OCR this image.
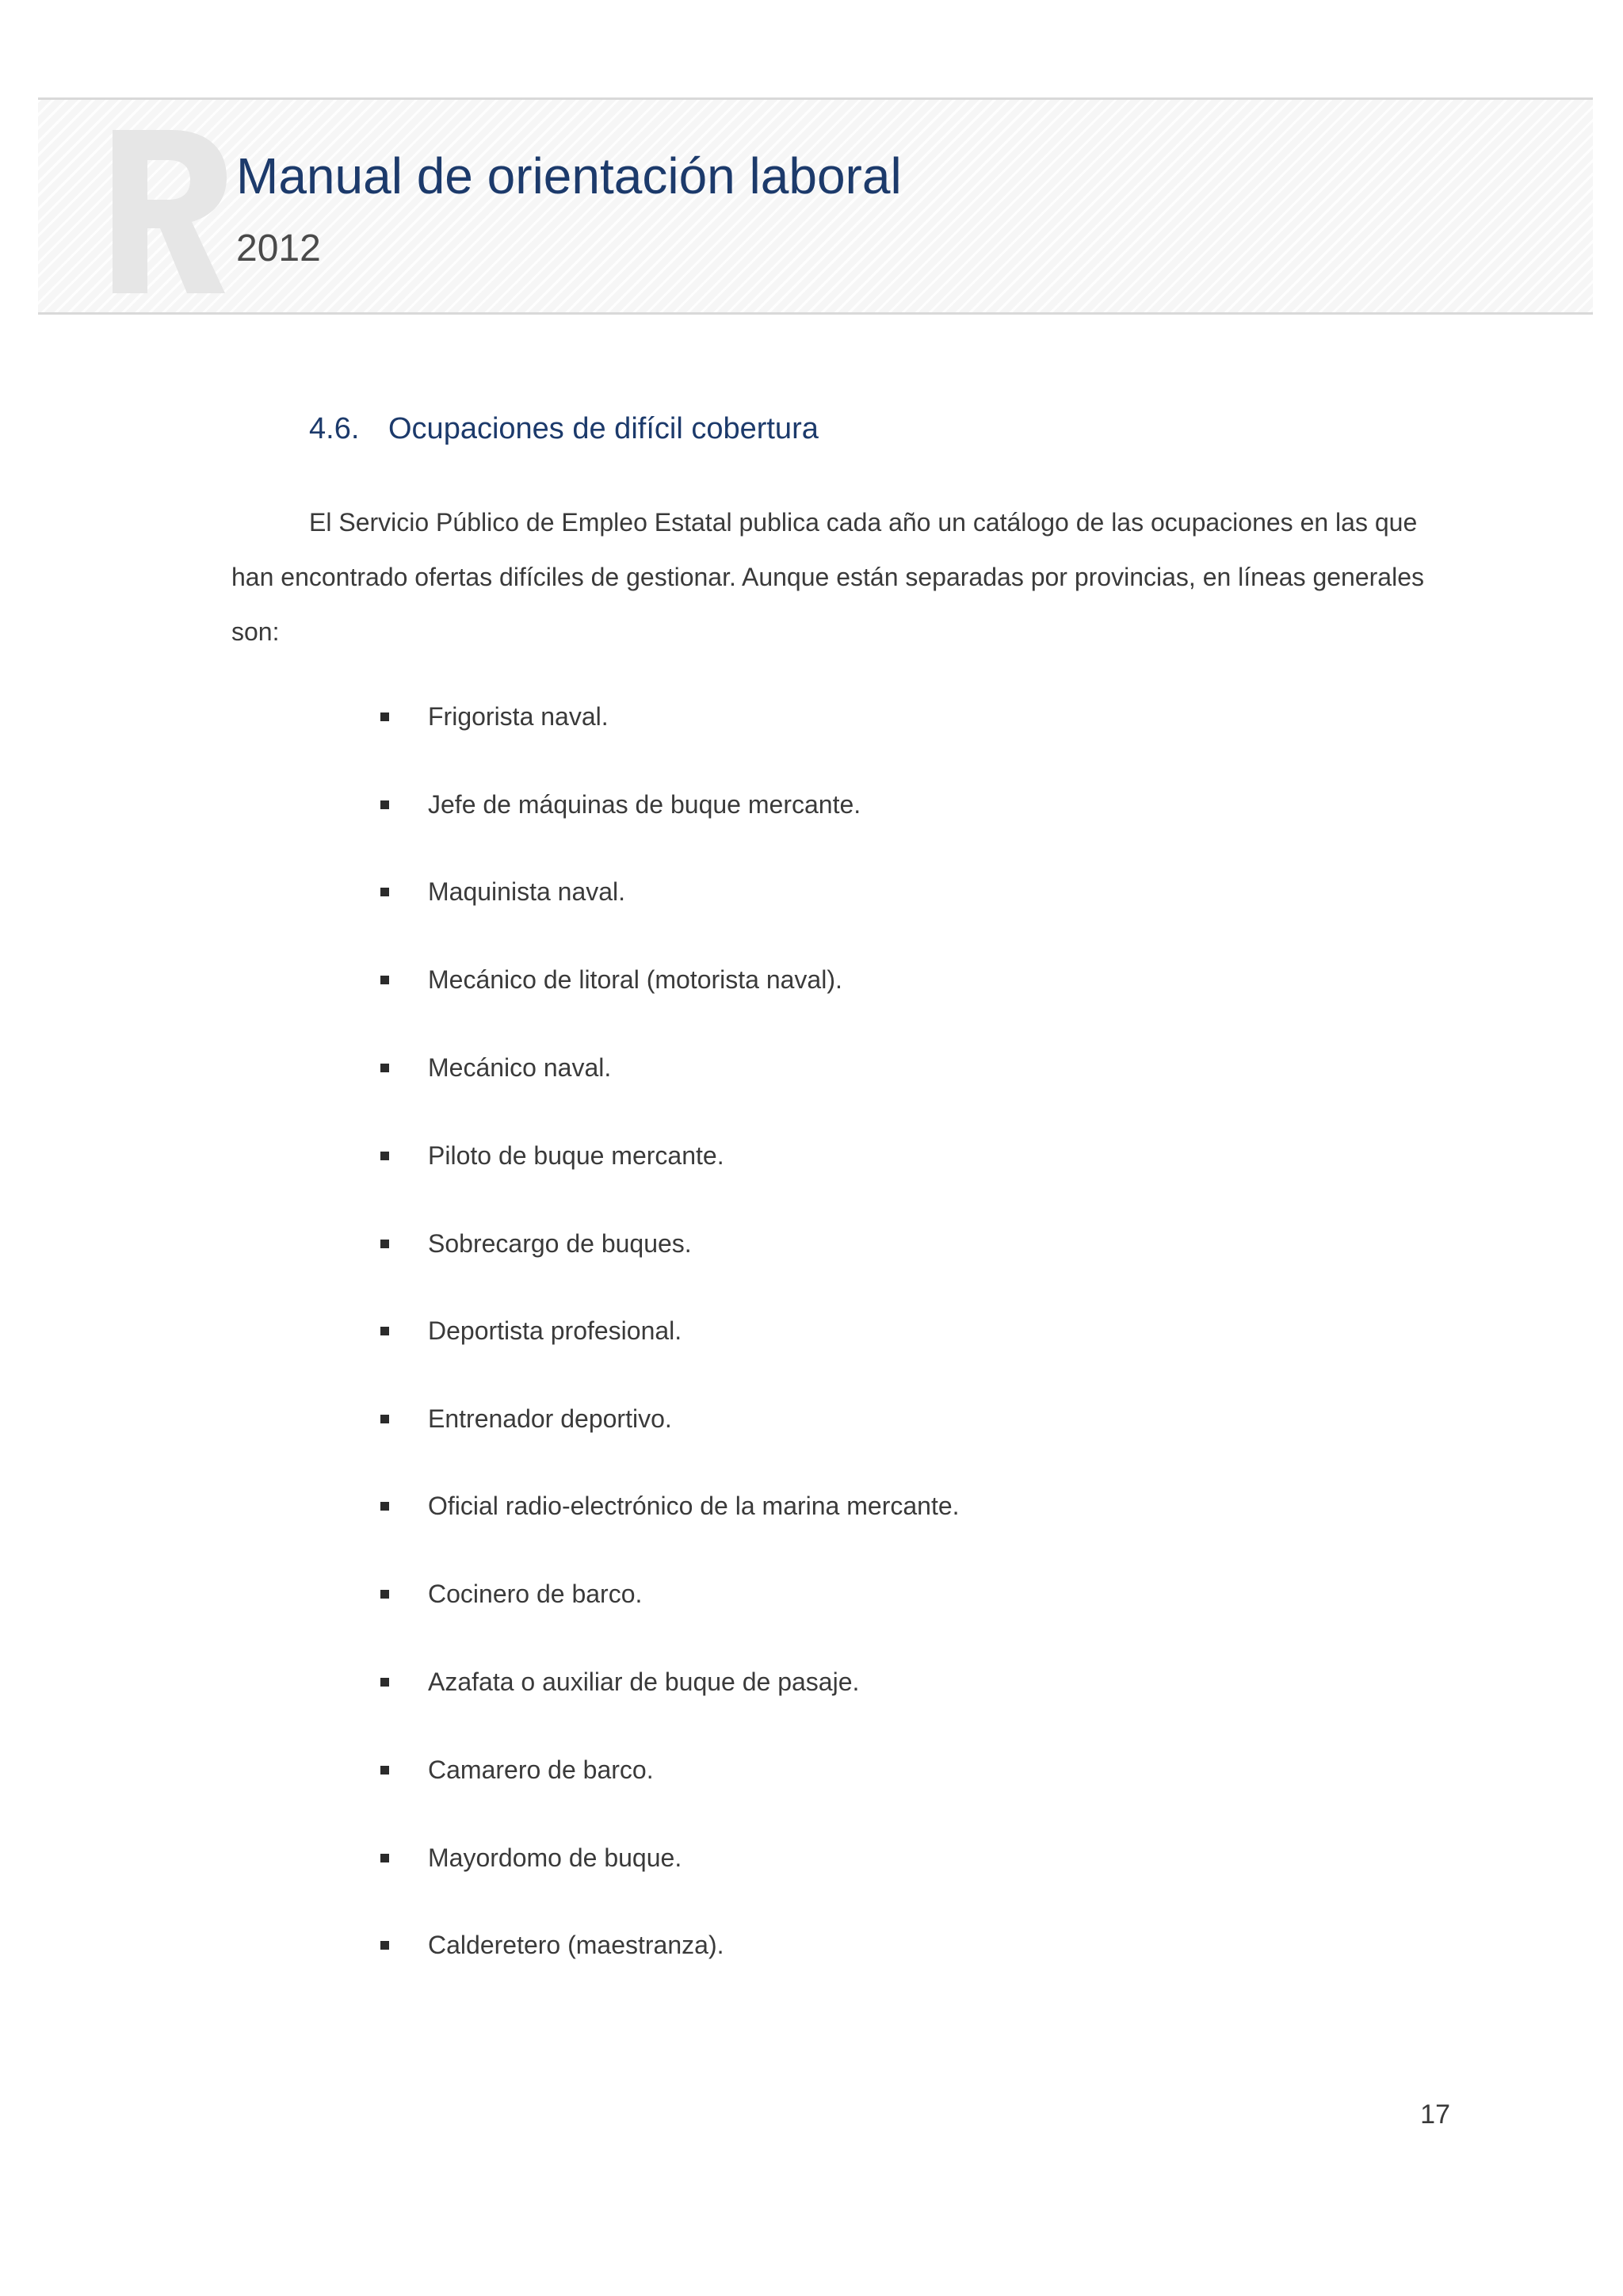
Manual de orientación laboral
2012
4.6. Ocupaciones de difícil cobertura

El Servicio Público de Empleo Estatal publica cada año un catálogo de las ocupaciones en las que han encontrado ofertas difíciles de gestionar. Aunque están separadas por provincias, en líneas generales son:

Frigorista naval.
Jefe de máquinas de buque mercante.
Maquinista naval.
Mecánico de litoral (motorista naval).
Mecánico naval.
Piloto de buque mercante.
Sobrecargo de buques.
Deportista profesional.
Entrenador deportivo.
Oficial radio-electrónico de la marina mercante.
Cocinero de barco.
Azafata o auxiliar de buque de pasaje.
Camarero de barco.
Mayordomo de buque.
Calderetero (maestranza).
17
